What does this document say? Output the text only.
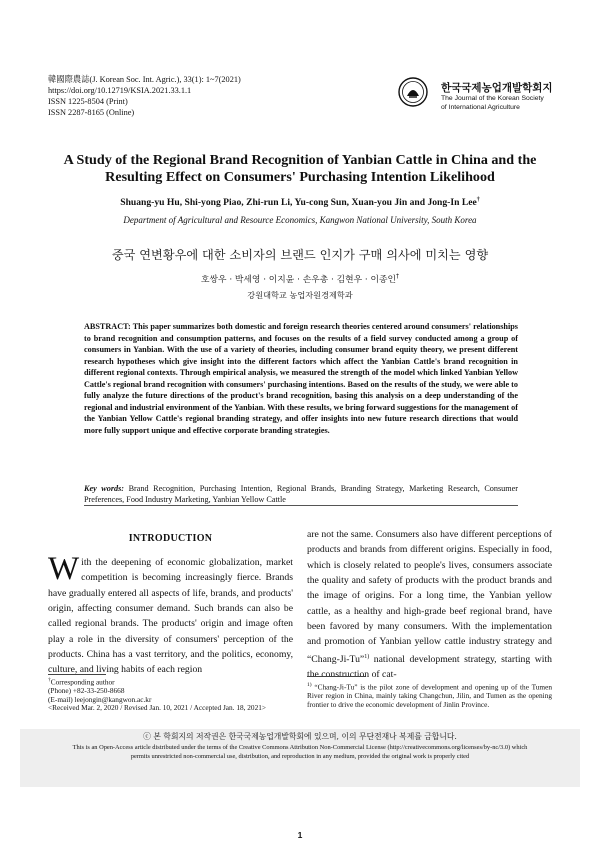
韓國際農誌(J. Korean Soc. Int. Agric.), 33(1): 1~7(2021)
https://doi.org/10.12719/KSIA.2021.33.1.1
ISSN 1225-8504 (Print)
ISSN 2287-8165 (Online)
한국국제농업개발학회지
The Journal of the Korean Society
of International Agriculture
A Study of the Regional Brand Recognition of Yanbian Cattle in China and the
Resulting Effect on Consumers' Purchasing Intention Likelihood
Shuang-yu Hu, Shi-yong Piao, Zhi-run Li, Yu-cong Sun, Xuan-you Jin and Jong-In Lee†
Department of Agricultural and Resource Economics, Kangwon National University, South Korea
중국 연변황우에 대한 소비자의 브랜드 인지가 구매 의사에 미치는 영향
호쌍우 · 박세영 · 이지윤 · 손우총 · 김현우 · 이종인†
강원대학교 농업자원경제학과
ABSTRACT: This paper summarizes both domestic and foreign research theories centered around consumers' relationships to brand recognition and consumption patterns, and focuses on the results of a field survey conducted among a group of consumers in Yanbian. With the use of a variety of theories, including consumer brand equity theory, we present different research hypotheses which give insight into the different factors which affect the Yanbian Cattle's brand recognition in different regional contexts. Through empirical analysis, we measured the strength of the model which linked Yanbian Yellow Cattle's regional brand recognition with consumers' purchasing intentions. Based on the results of the study, we were able to fully analyze the future directions of the product's brand recognition, basing this analysis on a deep understanding of the regional and industrial environment of the Yanbian. With these results, we bring forward suggestions for the management of the Yanbian Yellow Cattle's regional branding strategy, and offer insights into new future research directions that would more fully support unique and effective corporate branding strategies.
Key words: Brand Recognition, Purchasing Intention, Regional Brands, Branding Strategy, Marketing Research, Consumer Preferences, Food Industry Marketing, Yanbian Yellow Cattle
INTRODUCTION
With the deepening of economic globalization, market competition is becoming increasingly fierce. Brands have gradually entered all aspects of life, brands, and products' origin, affecting consumer demand. Such brands can also be called regional brands. The products' origin and image often play a role in the diversity of consumers' perception of the products. China has a vast territory, and the politics, economy, culture, and living habits of each region
are not the same. Consumers also have different perceptions of products and brands from different origins. Especially in food, which is closely related to people's lives, consumers associate the quality and safety of products with the product brands and the image of origins. For a long time, the Yanbian yellow cattle, as a healthy and high-grade beef regional brand, have been favored by many consumers. With the implementation and promotion of Yanbian yellow cattle industry strategy and “Chang-Ji-Tu”$^{1)}$ national development strategy, starting with the construction of cat-
†Corresponding author
(Phone) +82-33-250-8668
(E-mail) leejongin@kangwon.ac.kr
<Received Mar. 2, 2020 / Revised Jan. 10, 2021 / Accepted Jan. 18, 2021>
$^{1)}$ “Chang-Ji-Tu” is the pilot zone of development and opening up of the Tumen River region in China, mainly taking Changchun, Jilin, and Tumen as the opening frontier to drive the economic development of Jinlin Province.
ⓒ 본 학회지의 저작권은 한국국제농업개발학회에 있으며, 이의 무단전재나 복제를 금합니다.
This is an Open-Access article distributed under the terms of the Creative Commons Attribution Non-Commercial License (http://creativecommons.org/licenses/by-nc/3.0) which
permits unrestricted non-commercial use, distribution, and reproduction in any medium, provided the original work is properly cited
1
